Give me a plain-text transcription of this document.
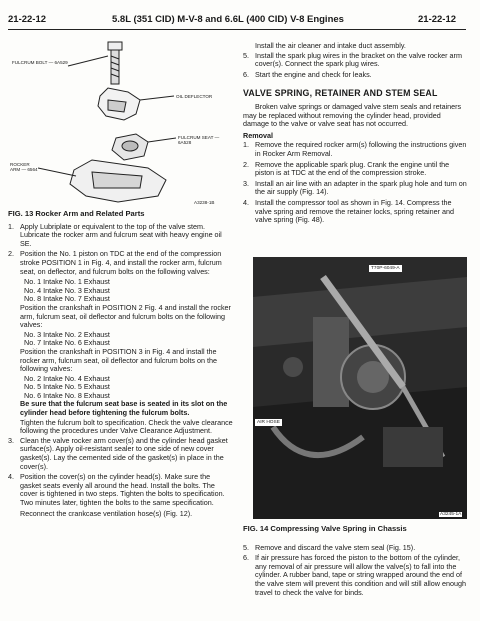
21-22-12	5.8L (351 CID) M-V-8 and 6.6L (400 CID) V-8 Engines	21-22-12
FULCRUM BOLT — 6A529
OIL DEFLECTOR
FULCRUM SEAT — 6A528
ROCKER ARM — 6564
A3238-1B
FIG. 13 Rocker Arm and Related Parts
1. Apply Lubriplate or equivalent to the top of the valve stem. Lubricate the rocker arm and fulcrum seat with heavy engine oil SE.
2. Position the No. 1 piston on TDC at the end of the compression stroke POSITION 1 in Fig. 4, and install the rocker arm, fulcrum seat, on deflector, and fulcrum bolts on the following valves:

No. 1 Intake No. 1 Exhaust

No. 4 Intake No. 3 Exhaust

No. 8 Intake No. 7 Exhaust

Position the crankshaft in POSITION 2 Fig. 4 and install the rocker arm, fulcrum seat, oil deflector and fulcrum bolts on the following valves:

No. 3 Intake No. 2 Exhaust

No. 7 Intake No. 6 Exhaust

Position the crankshaft in POSITION 3 in Fig. 4 and install the rocker arm, fulcrum seat, oil deflector and fulcrum bolts on the following valves:

No. 2 Intake No. 4 Exhaust

No. 5 Intake No. 5 Exhaust

No. 6 Intake No. 8 Exhaust

Be sure that the fulcrum seat base is seated in its slot on the cylinder head before tightening the fulcrum bolts.

Tighten the fulcrum bolt to specification. Check the valve clearance following the procedures under Valve Clearance Adjustment.

3. Clean the valve rocker arm cover(s) and the cylinder head gasket surface(s). Apply oil-resistant sealer to one side of new cover gasket(s). Lay the cemented side of the gasket(s) in place in the cover(s).
4. Position the cover(s) on the cylinder head(s). Make sure the gasket seats evenly all around the head. Install the bolts. The cover is tightened in two steps. Tighten the bolts to specification. Two minutes later, tighten the bolts to the same specification.

Reconnect the crankcase ventilation hose(s) (Fig. 12).

Install the air cleaner and intake duct assembly.

5. Install the spark plug wires in the bracket on the valve rocker arm cover(s). Connect the spark plug wires.
6. Start the engine and check for leaks.
VALVE SPRING, RETAINER AND STEM SEAL

Broken valve springs or damaged valve stem seals and retainers may be replaced without removing the cylinder head, provided damage to the valve or valve seat has not occurred.

Removal
1. Remove the required rocker arm(s) following the instructions given in Rocker Arm Removal.
2. Remove the applicable spark plug. Crank the engine until the piston is at TDC at the end of the compression stroke.
3. Install an air line with an adapter in the spark plug hole and turn on the air supply (Fig. 14).
4. Install the compressor tool as shown in Fig. 14. Compress the valve spring and remove the retainer locks, spring retainer and valve spring (Fig. 48).
T70P-6049-A
AIR HOSE
A3245-1A
FIG. 14 Compressing Valve Spring in Chassis
5. Remove and discard the valve stem seal (Fig. 15).
6. If air pressure has forced the piston to the bottom of the cylinder, any removal of air pressure will allow the valve(s) to fall into the cylinder. A rubber band, tape or string wrapped around the end of the valve stem will prevent this condition and will still allow enough travel to check the valve for binds.
